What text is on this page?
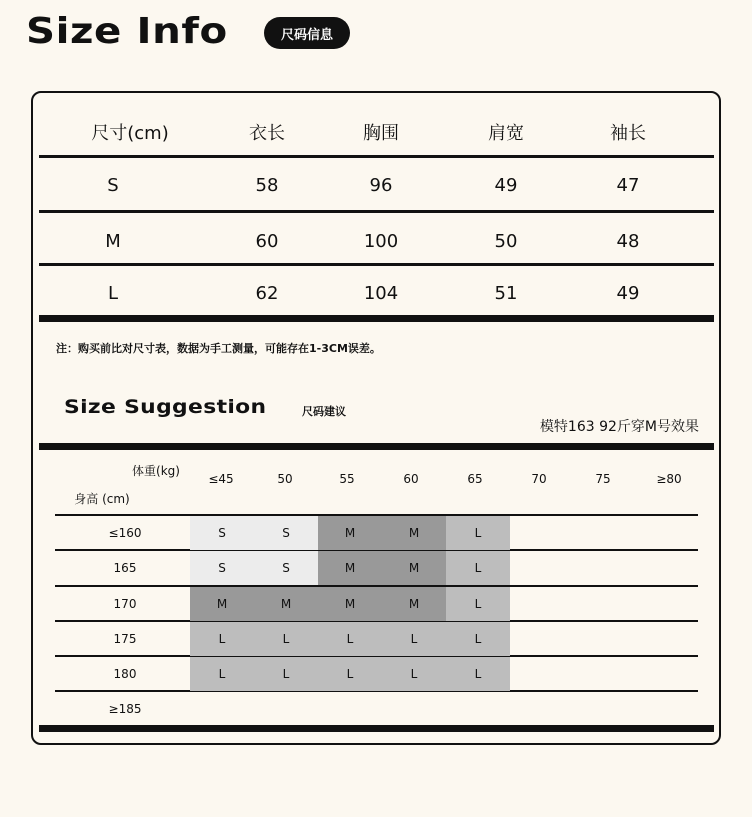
Size Info	尺码信息
尺寸(cm)	衣长	胸围	肩宽	袖长
S	58	96	49	47
M	60	100	50	48
L	62	104	51	49
注：购买前比对尺寸表，数据为手工测量，可能存在1-3CM误差。
Size Suggestion	尺码建议
模特163 92斤穿M号效果
体重(kg)
身高 (cm)
≤45	50	55	60	65	70	75	≥80
≤160	S	S	M	M	L
165	S	S	M	M	L
170	M	M	M	M	L
175	L	L	L	L	L
180	L	L	L	L	L
≥185
